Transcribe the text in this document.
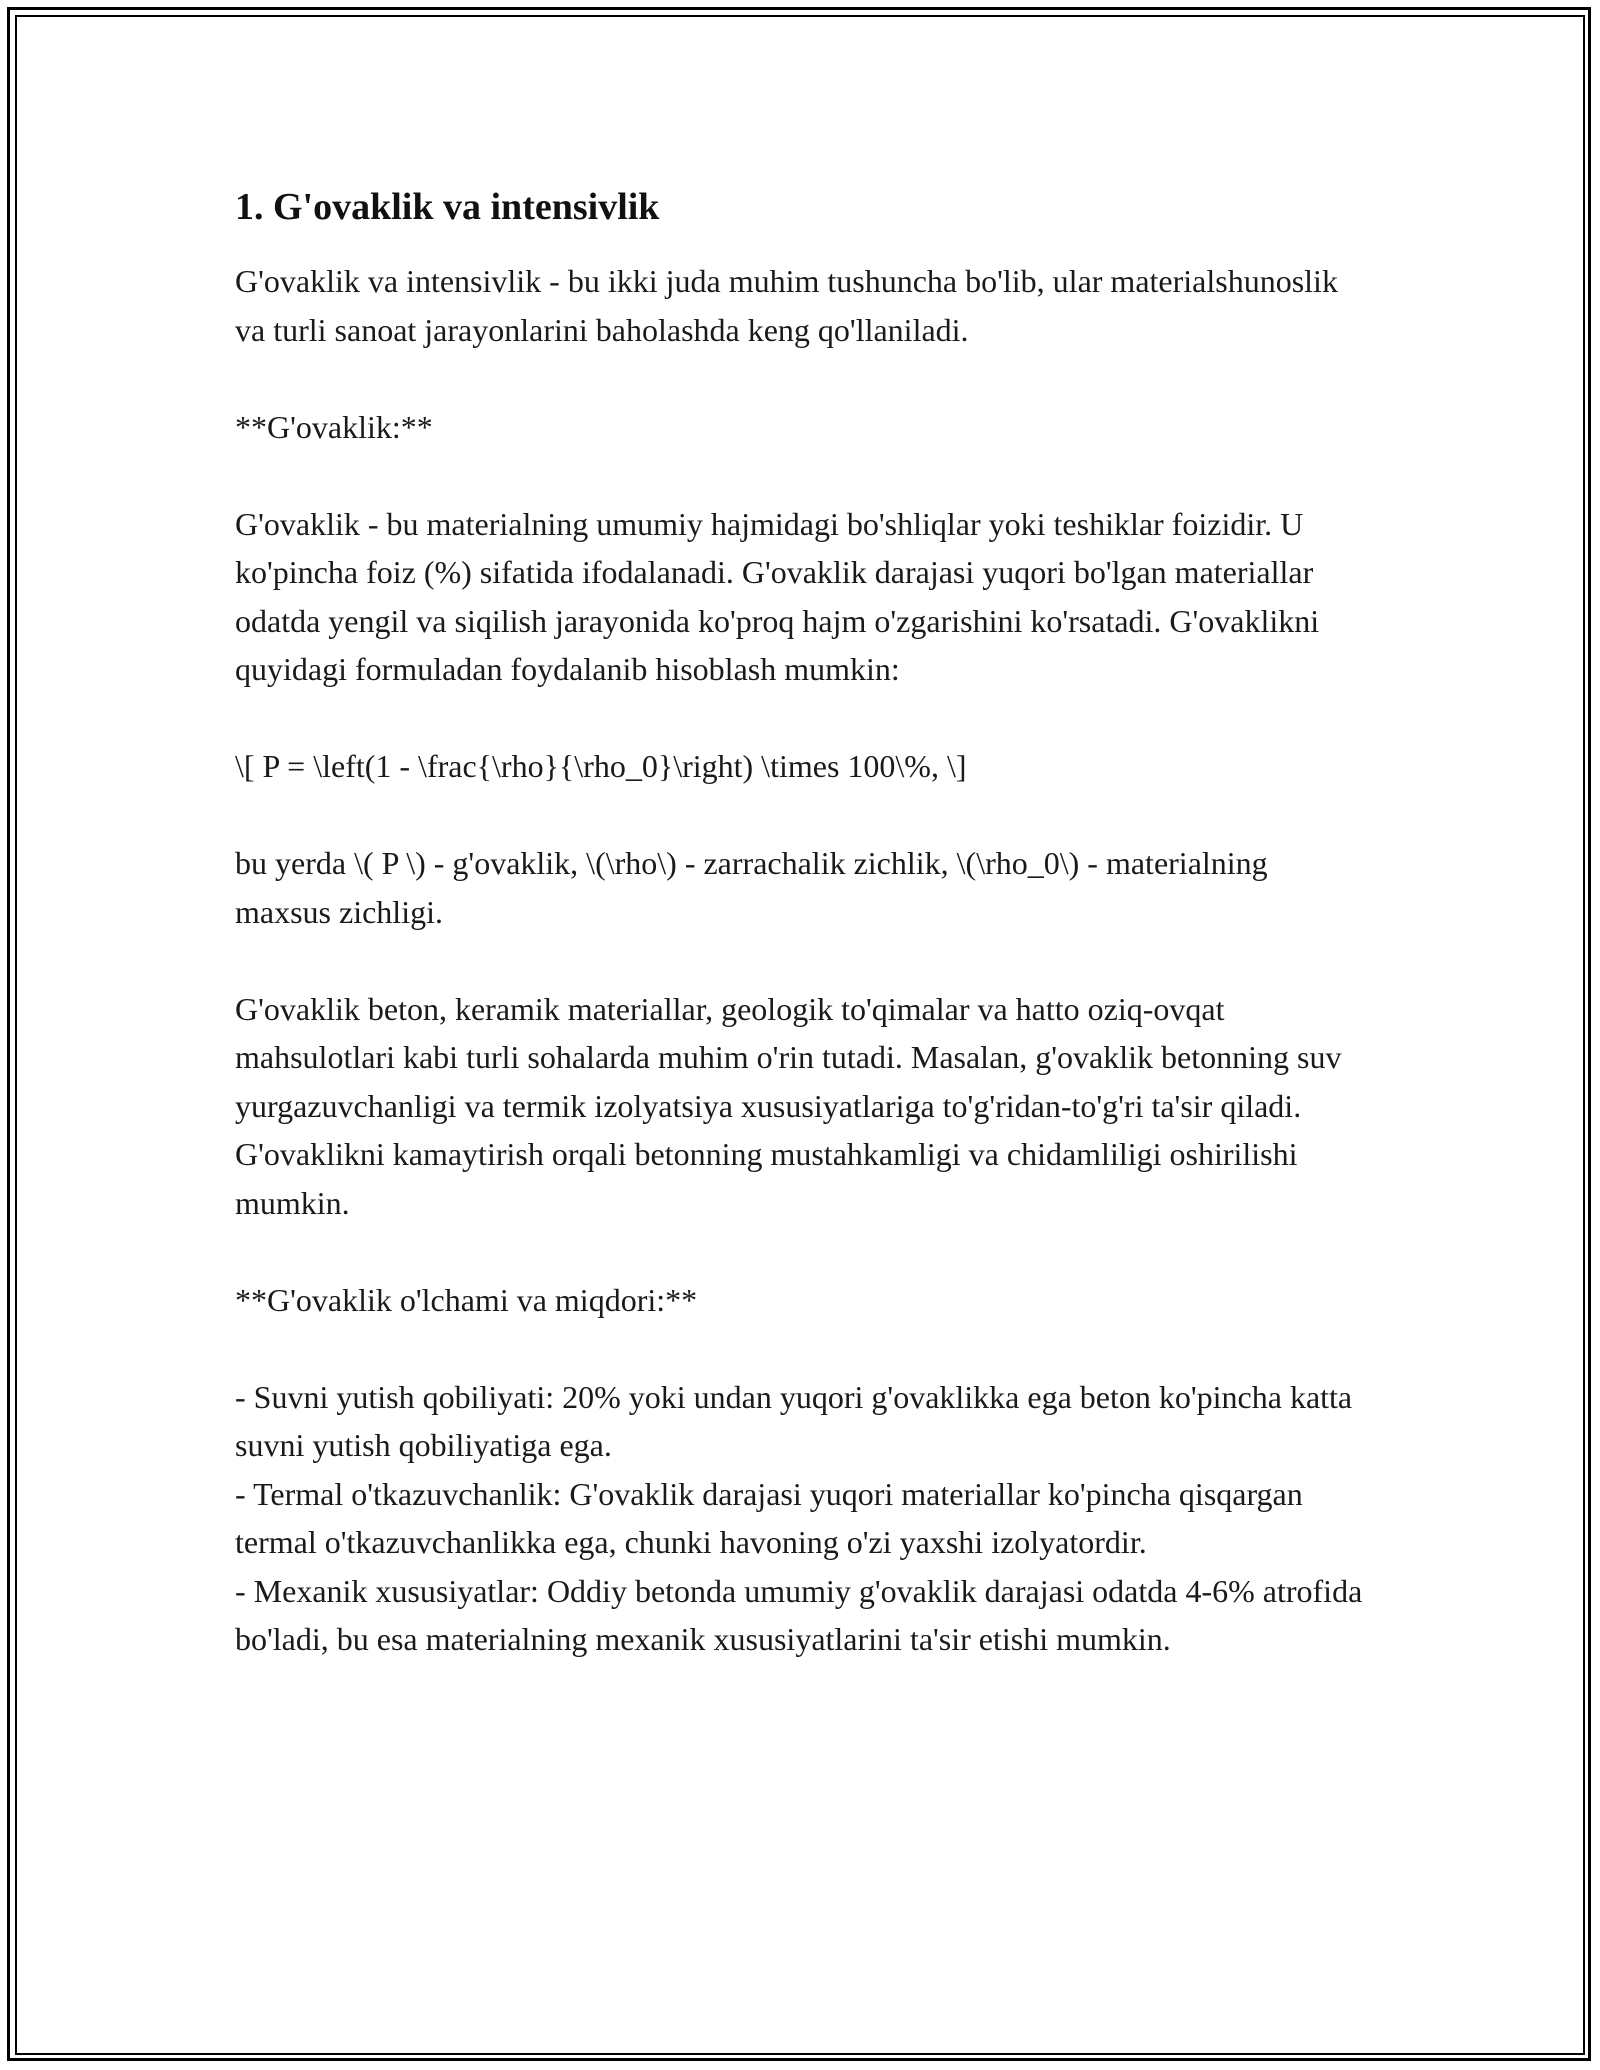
1. G'ovaklik va intensivlik

G'ovaklik va intensivlik - bu ikki juda muhim tushuncha bo'lib, ular materialshunoslik va turli sanoat jarayonlarini baholashda keng qo'llaniladi.

**G'ovaklik:**

G'ovaklik - bu materialning umumiy hajmidagi bo'shliqlar yoki teshiklar foizidir. U ko'pincha foiz (%) sifatida ifodalanadi. G'ovaklik darajasi yuqori bo'lgan materiallar odatda yengil va siqilish jarayonida ko'proq hajm o'zgarishini ko'rsatadi. G'ovaklikni quyidagi formuladan foydalanib hisoblash mumkin:

\[ P = \left(1 - \frac{\rho}{\rho_0}\right) \times 100\%, \]

bu yerda \( P \) - g'ovaklik, \(\rho\) - zarrachalik zichlik, \(\rho_0\) - materialning maxsus zichligi.

G'ovaklik beton, keramik materiallar, geologik to'qimalar va hatto oziq-ovqat mahsulotlari kabi turli sohalarda muhim o'rin tutadi. Masalan, g'ovaklik betonning suv yurgazuvchanligi va termik izolyatsiya xususiyatlariga to'g'ridan-to'g'ri ta'sir qiladi. G'ovaklikni kamaytirish orqali betonning mustahkamligi va chidamliligi oshirilishi mumkin.

**G'ovaklik o'lchami va miqdori:**

- Suvni yutish qobiliyati: 20% yoki undan yuqori g'ovaklikka ega beton ko'pincha katta suvni yutish qobiliyatiga ega.

- Termal o'tkazuvchanlik: G'ovaklik darajasi yuqori materiallar ko'pincha qisqargan termal o'tkazuvchanlikka ega, chunki havoning o'zi yaxshi izolyatordir.

- Mexanik xususiyatlar: Oddiy betonda umumiy g'ovaklik darajasi odatda 4-6% atrofida bo'ladi, bu esa materialning mexanik xususiyatlarini ta'sir etishi mumkin.
